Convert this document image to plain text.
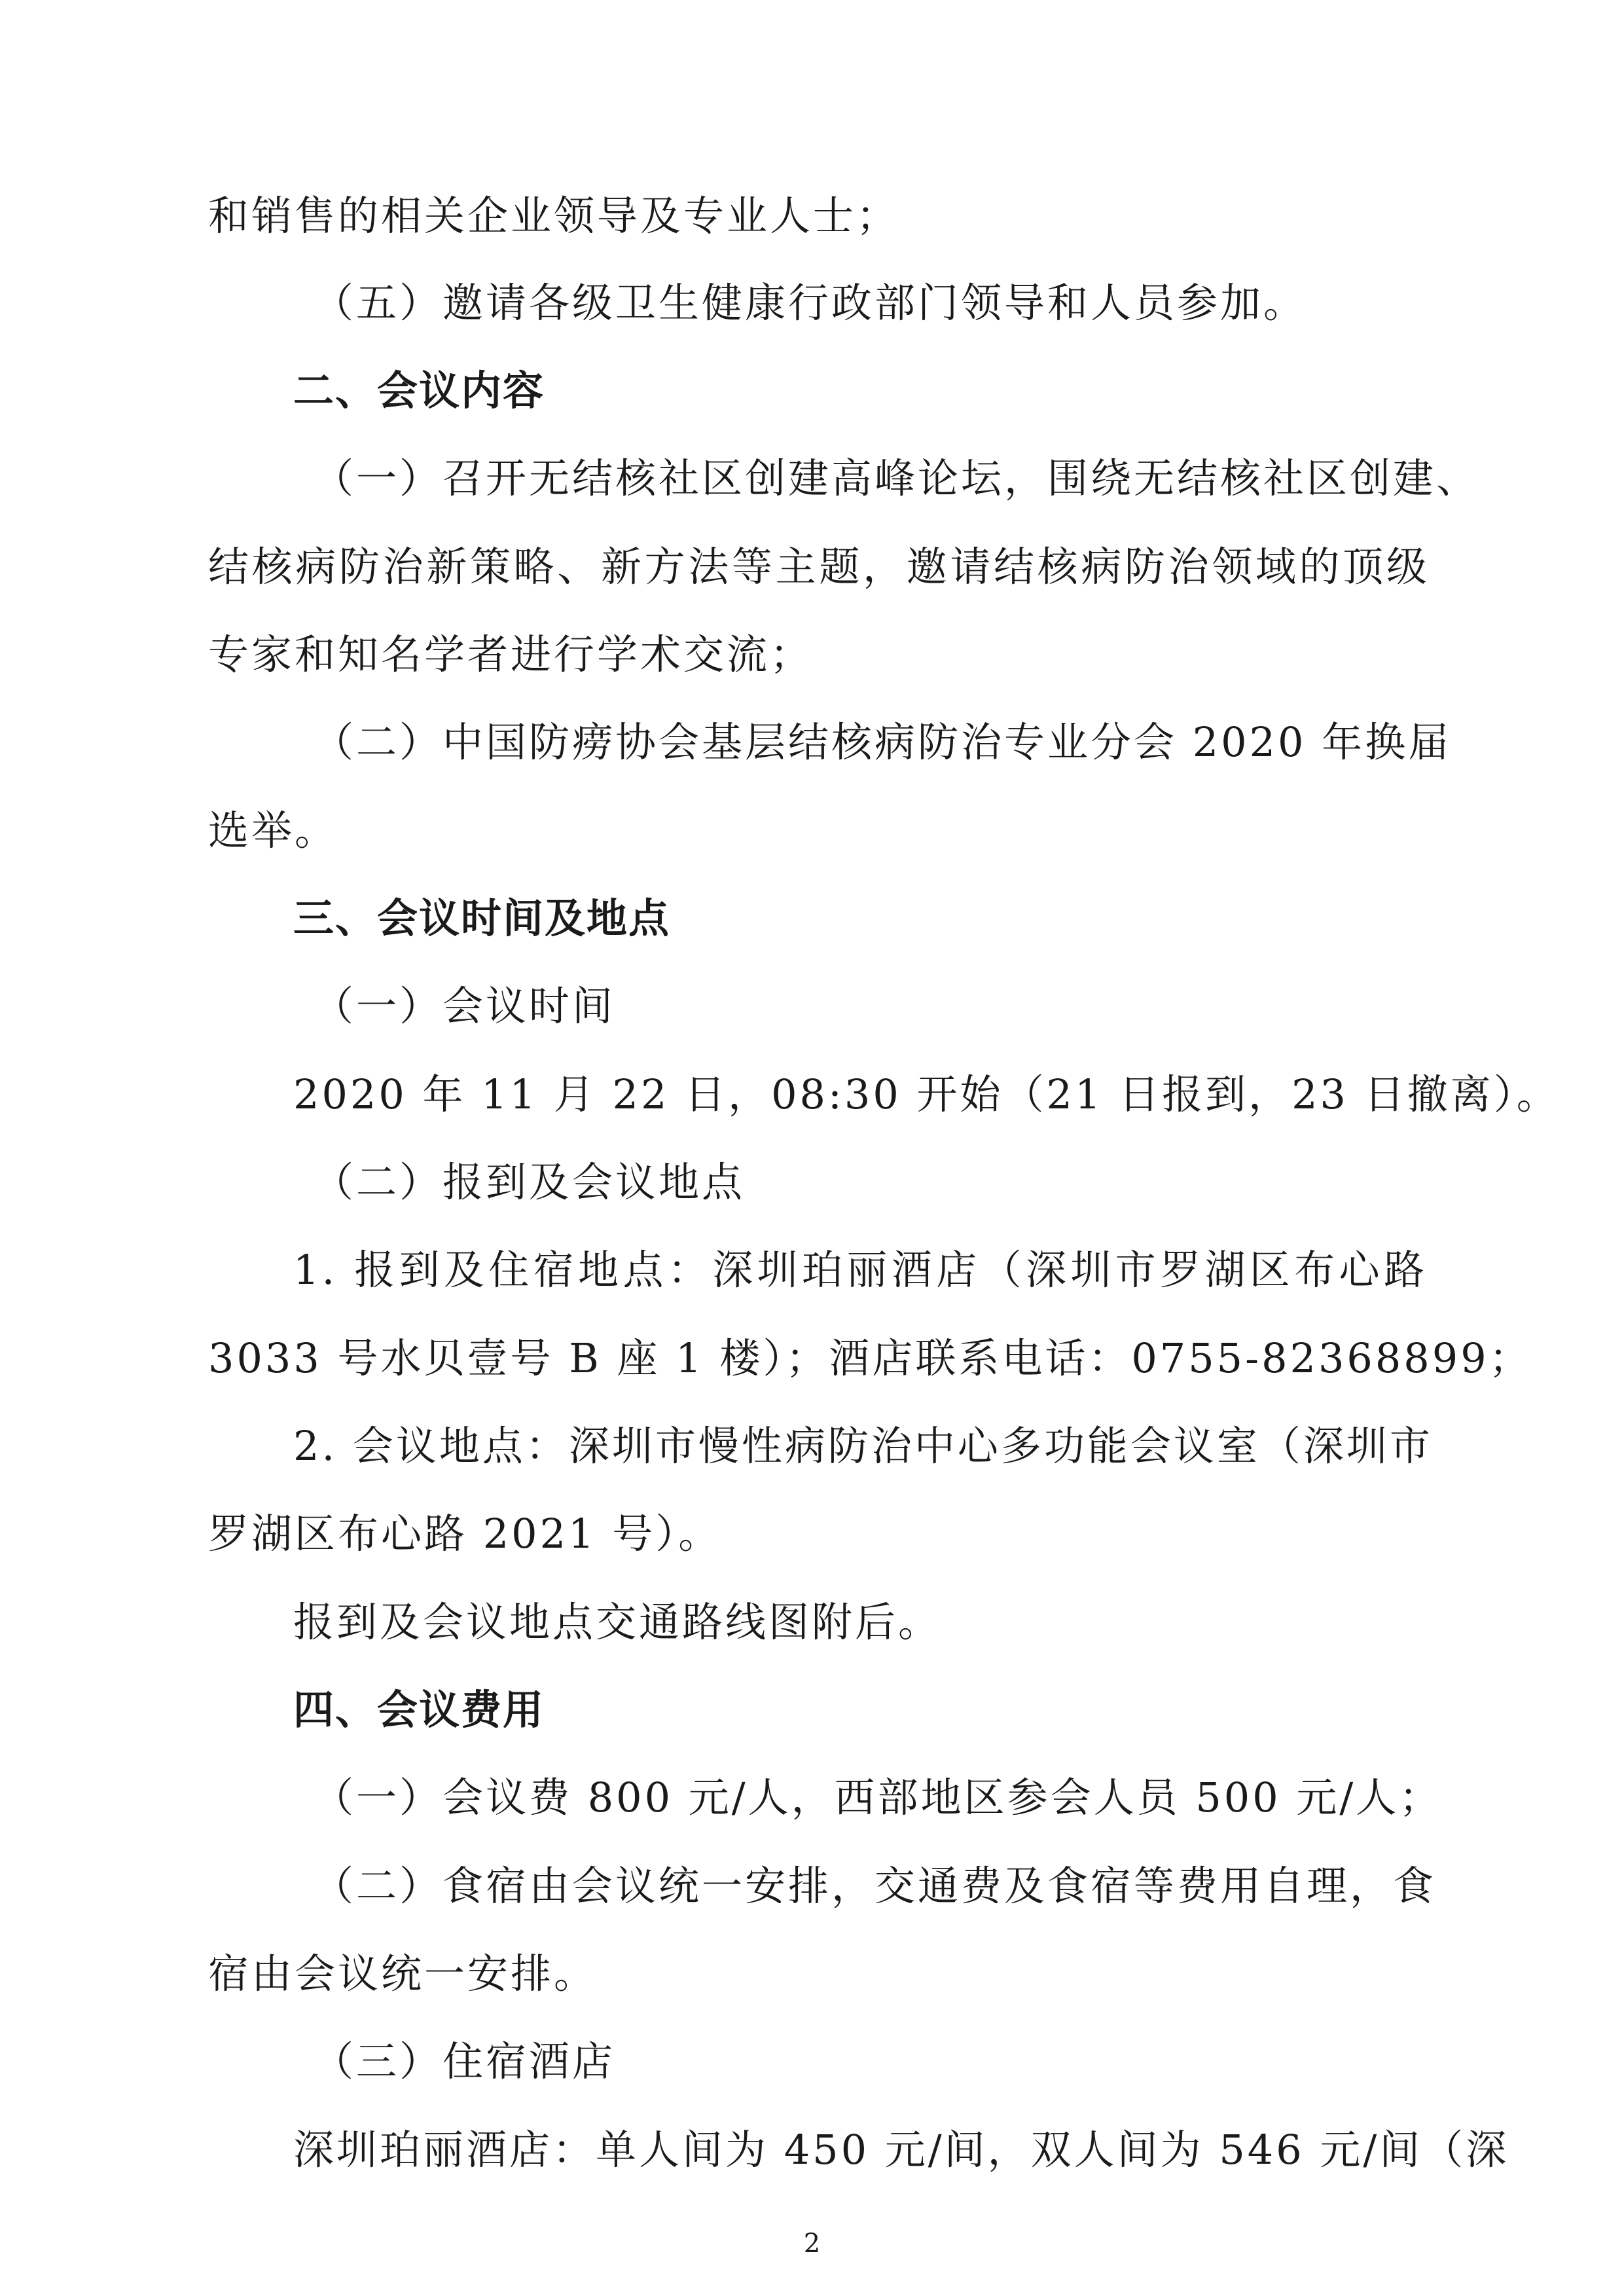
和销售的相关企业领导及专业人士；
（五）邀请各级卫生健康行政部门领导和人员参加。
二、会议内容
（一）召开无结核社区创建高峰论坛，围绕无结核社区创建、
结核病防治新策略、新方法等主题，邀请结核病防治领域的顶级
专家和知名学者进行学术交流；
（二）中国防痨协会基层结核病防治专业分会 2020 年换届
选举。
三、会议时间及地点
（一）会议时间
2020 年 11 月 22 日，08:30 开始（21 日报到，23 日撤离）。
（二）报到及会议地点
1. 报到及住宿地点：深圳珀丽酒店（深圳市罗湖区布心路
3033 号水贝壹号 B 座 1 楼）；酒店联系电话：0755-82368899；
2. 会议地点：深圳市慢性病防治中心多功能会议室（深圳市
罗湖区布心路 2021 号）。
报到及会议地点交通路线图附后。
四、会议费用
（一）会议费 800 元/人，西部地区参会人员 500 元/人；
（二）食宿由会议统一安排，交通费及食宿等费用自理，食
宿由会议统一安排。
（三）住宿酒店
深圳珀丽酒店：单人间为 450 元/间，双人间为 546 元/间（深
2
